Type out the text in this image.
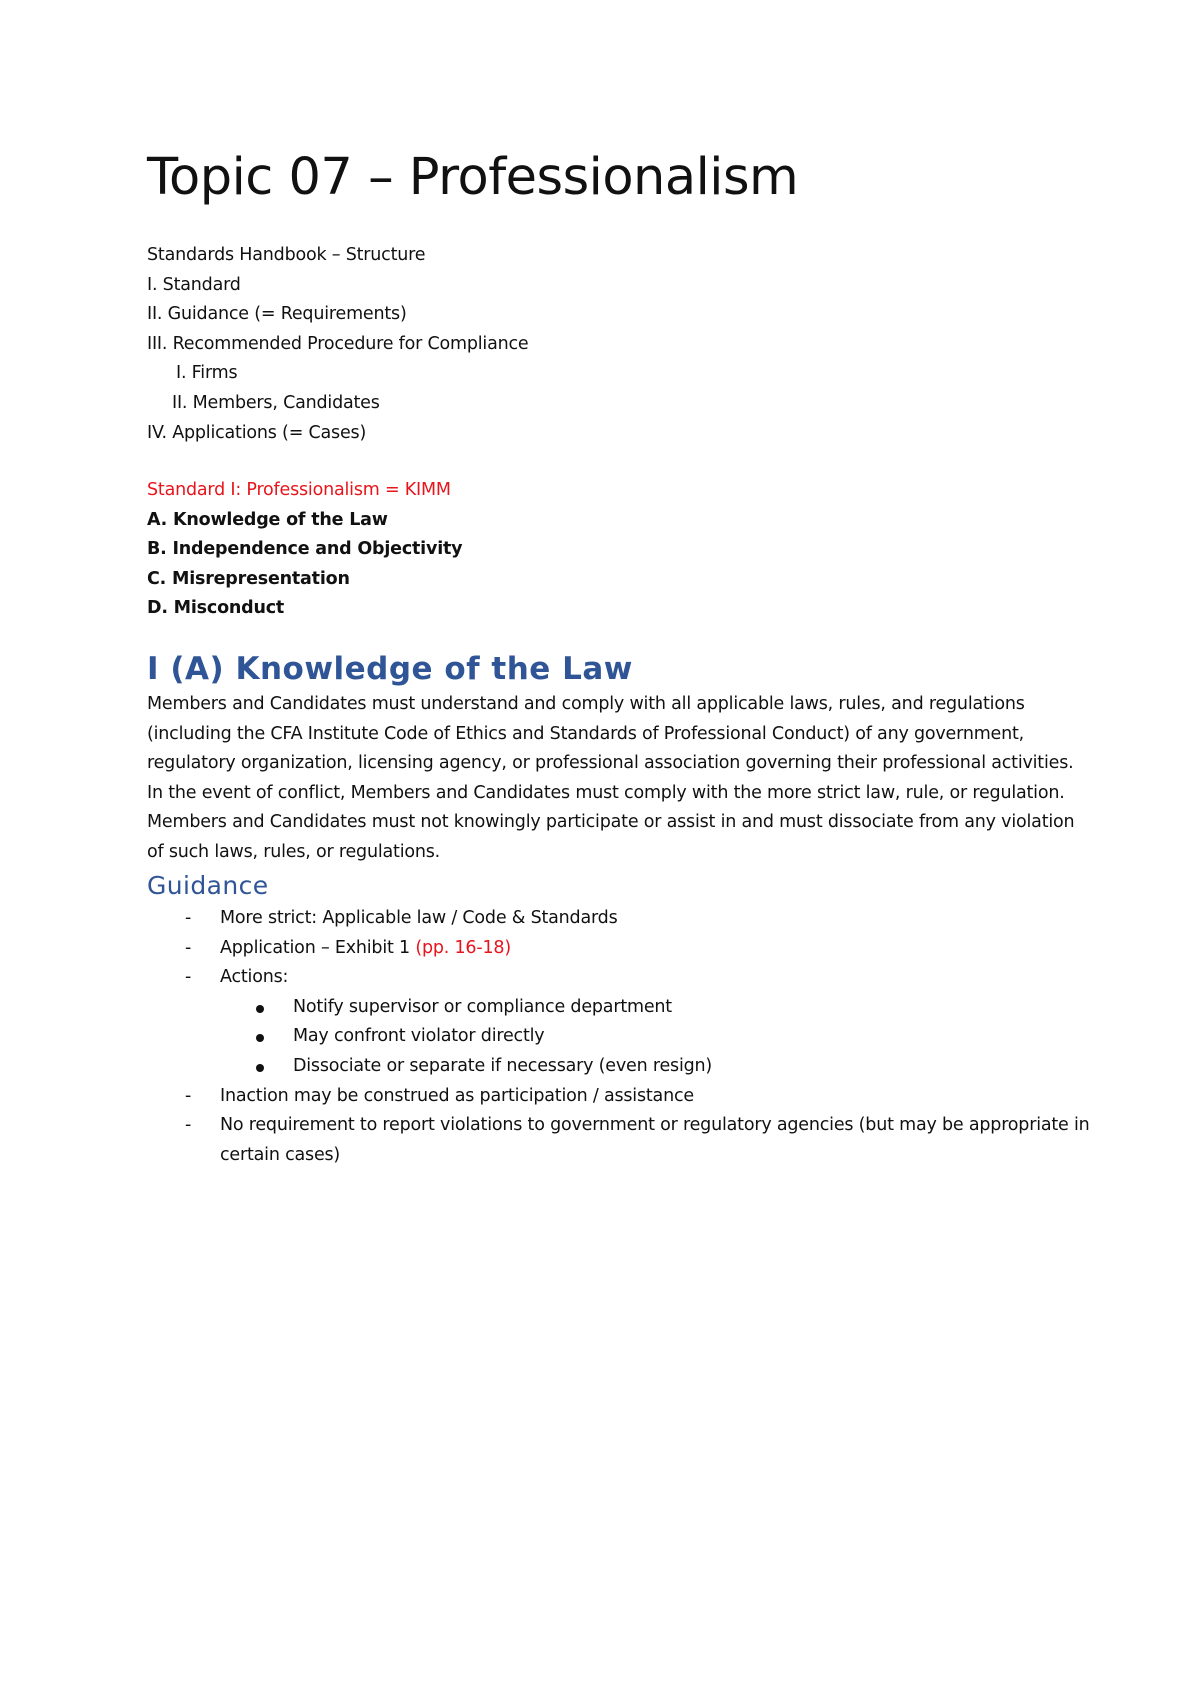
Topic 07 – Professionalism
Standards Handbook – Structure
I. Standard
II. Guidance (= Requirements)
III. Recommended Procedure for Compliance
I. Firms
II. Members, Candidates
IV. Applications (= Cases)
Standard I: Professionalism = KIMM
A. Knowledge of the Law
B. Independence and Objectivity
C. Misrepresentation
D. Misconduct
I (A) Knowledge of the Law
Members and Candidates must understand and comply with all applicable laws, rules, and regulations (including the CFA Institute Code of Ethics and Standards of Professional Conduct) of any government, regulatory organization, licensing agency, or professional association governing their professional activities. In the event of conflict, Members and Candidates must comply with the more strict law, rule, or regulation. Members and Candidates must not knowingly participate or assist in and must dissociate from any violation of such laws, rules, or regulations.
Guidance
- More strict: Applicable law / Code & Standards
- Application – Exhibit 1 (pp. 16-18)
- Actions:
Notify supervisor or compliance department
May confront violator directly
Dissociate or separate if necessary (even resign)
- Inaction may be construed as participation / assistance
- No requirement to report violations to government or regulatory agencies (but may be appropriate in certain cases)
